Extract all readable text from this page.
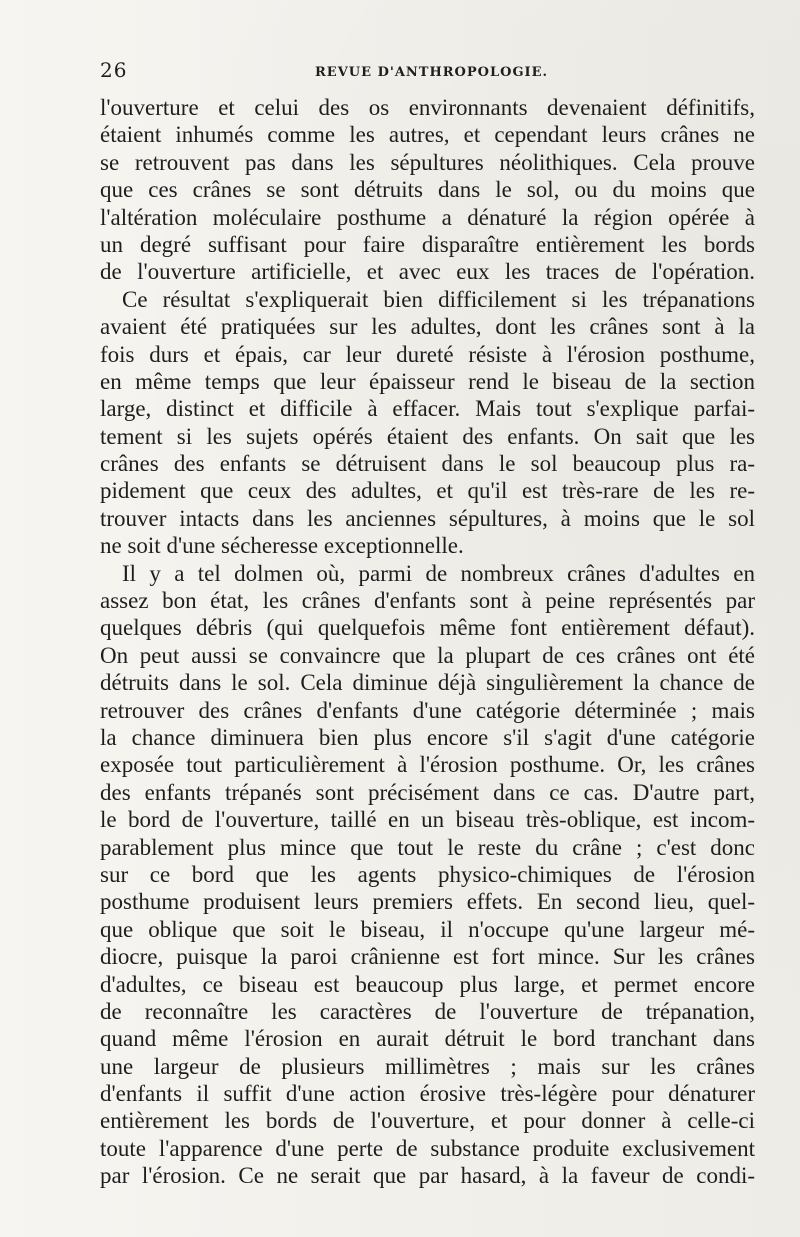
26	REVUE D'ANTHROPOLOGIE.
l'ouverture et celui des os environnants devenaient définitifs,
étaient inhumés comme les autres, et cependant leurs crânes ne
se retrouvent pas dans les sépultures néolithiques. Cela prouve
que ces crânes se sont détruits dans le sol, ou du moins que
l'altération moléculaire posthume a dénaturé la région opérée à
un degré suffisant pour faire disparaître entièrement les bords
de l'ouverture artificielle, et avec eux les traces de l'opération.
Ce résultat s'expliquerait bien difficilement si les trépanations
avaient été pratiquées sur les adultes, dont les crânes sont à la
fois durs et épais, car leur dureté résiste à l'érosion posthume,
en même temps que leur épaisseur rend le biseau de la section
large, distinct et difficile à effacer. Mais tout s'explique parfai-
tement si les sujets opérés étaient des enfants. On sait que les
crânes des enfants se détruisent dans le sol beaucoup plus ra-
pidement que ceux des adultes, et qu'il est très-rare de les re-
trouver intacts dans les anciennes sépultures, à moins que le sol
ne soit d'une sécheresse exceptionnelle.
Il y a tel dolmen où, parmi de nombreux crânes d'adultes en
assez bon état, les crânes d'enfants sont à peine représentés par
quelques débris (qui quelquefois même font entièrement défaut).
On peut aussi se convaincre que la plupart de ces crânes ont été
détruits dans le sol. Cela diminue déjà singulièrement la chance de
retrouver des crânes d'enfants d'une catégorie déterminée ; mais
la chance diminuera bien plus encore s'il s'agit d'une catégorie
exposée tout particulièrement à l'érosion posthume. Or, les crânes
des enfants trépanés sont précisément dans ce cas. D'autre part,
le bord de l'ouverture, taillé en un biseau très-oblique, est incom-
parablement plus mince que tout le reste du crâne ; c'est donc
sur ce bord que les agents physico-chimiques de l'érosion
posthume produisent leurs premiers effets. En second lieu, quel-
que oblique que soit le biseau, il n'occupe qu'une largeur mé-
diocre, puisque la paroi crânienne est fort mince. Sur les crânes
d'adultes, ce biseau est beaucoup plus large, et permet encore
de reconnaître les caractères de l'ouverture de trépanation,
quand même l'érosion en aurait détruit le bord tranchant dans
une largeur de plusieurs millimètres ; mais sur les crânes
d'enfants il suffit d'une action érosive très-légère pour dénaturer
entièrement les bords de l'ouverture, et pour donner à celle-ci
toute l'apparence d'une perte de substance produite exclusivement
par l'érosion. Ce ne serait que par hasard, à la faveur de condi-
